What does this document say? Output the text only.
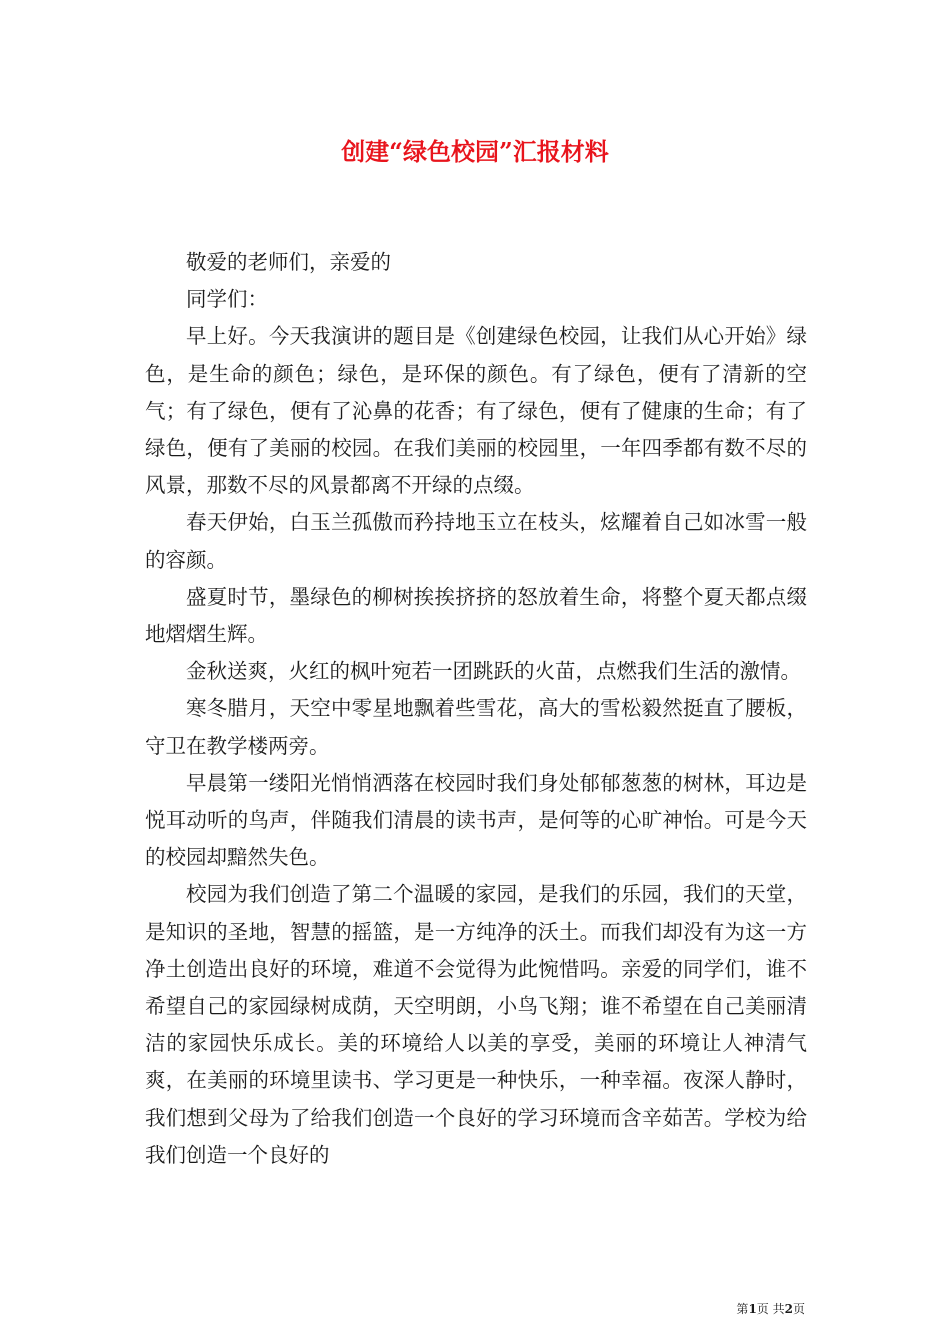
创建“绿色校园”汇报材料

敬爱的老师们，亲爱的

同学们：

早上好。今天我演讲的题目是《创建绿色校园，让我们从心开始》绿色，是生命的颜色；绿色，是环保的颜色。有了绿色，便有了清新的空气；有了绿色，便有了沁鼻的花香；有了绿色，便有了健康的生命；有了绿色，便有了美丽的校园。在我们美丽的校园里，一年四季都有数不尽的风景，那数不尽的风景都离不开绿的点缀。

春天伊始，白玉兰孤傲而矜持地玉立在枝头，炫耀着自己如冰雪一般的容颜。

盛夏时节，墨绿色的柳树挨挨挤挤的怒放着生命，将整个夏天都点缀地熠熠生辉。

金秋送爽，火红的枫叶宛若一团跳跃的火苗，点燃我们生活的激情。

寒冬腊月，天空中零星地飘着些雪花，高大的雪松毅然挺直了腰板，守卫在教学楼两旁。

早晨第一缕阳光悄悄洒落在校园时我们身处郁郁葱葱的树林，耳边是悦耳动听的鸟声，伴随我们清晨的读书声，是何等的心旷神怡。可是今天的校园却黯然失色。

校园为我们创造了第二个温暖的家园，是我们的乐园，我们的天堂，是知识的圣地，智慧的摇篮，是一方纯净的沃土。而我们却没有为这一方净土创造出良好的环境，难道不会觉得为此惋惜吗。亲爱的同学们，谁不希望自己的家园绿树成荫，天空明朗，小鸟飞翔；谁不希望在自己美丽清洁的家园快乐成长。美的环境给人以美的享受，美丽的环境让人神清气爽，在美丽的环境里读书、学习更是一种快乐，一种幸福。夜深人静时，我们想到父母为了给我们创造一个良好的学习环境而含辛茹苦。学校为给我们创造一个良好的

第1页 共2页
